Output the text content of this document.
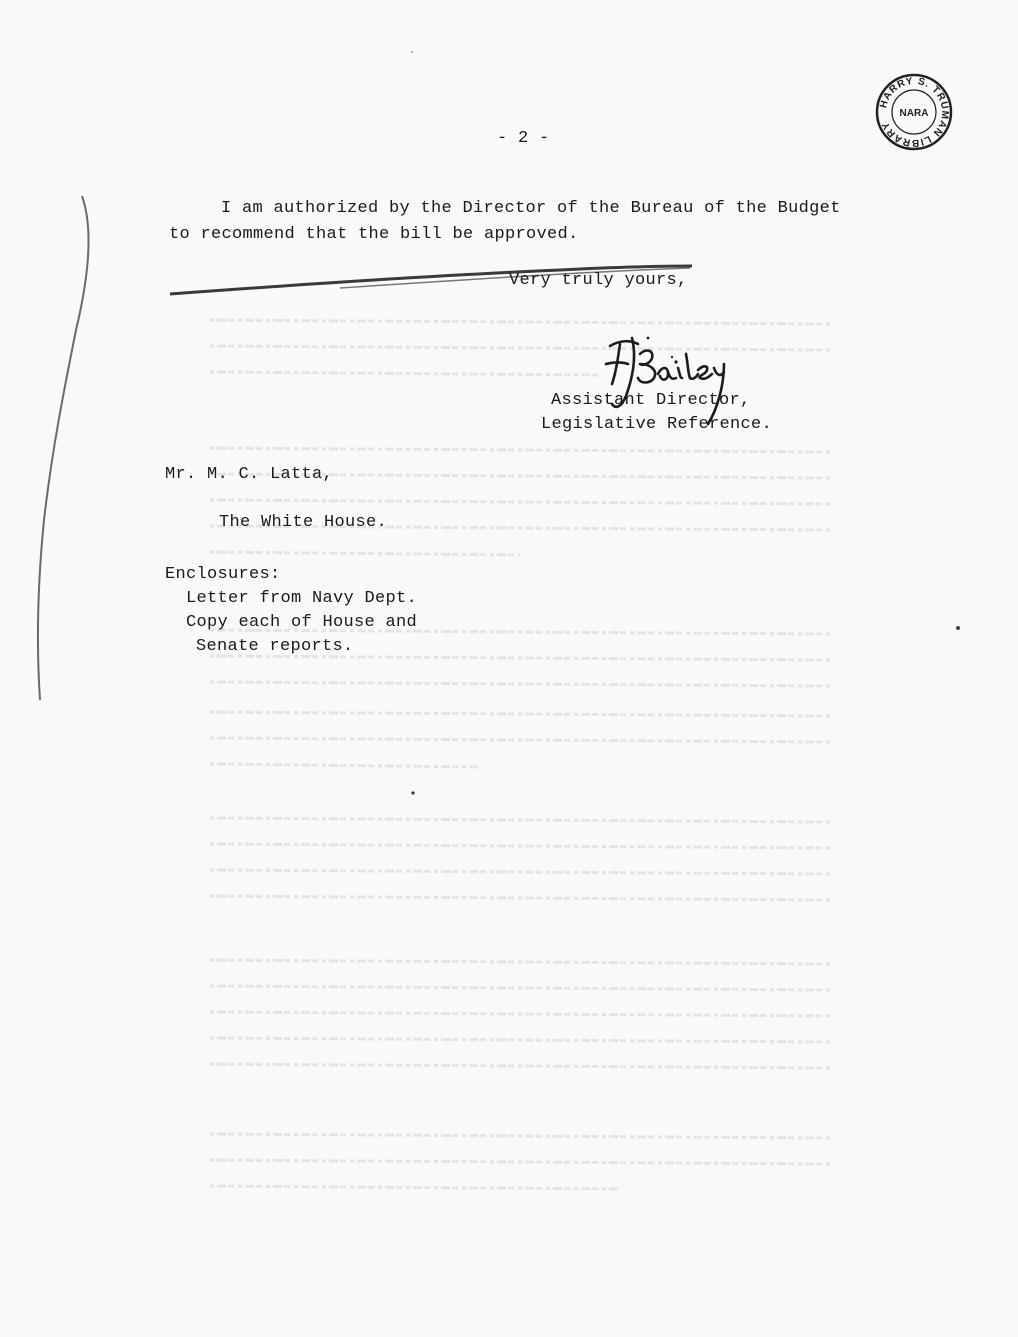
HARRY S. TRUMAN LIBRARY
NARA
- 2 -
I am authorized by the Director of the Bureau of the Budget
to recommend that the bill be approved.
Very truly yours,
Assistant Director,
Legislative Reference.
Mr. M. C. Latta,
The White House.
Enclosures:
Letter from Navy Dept.
Copy each of House and
Senate reports.
